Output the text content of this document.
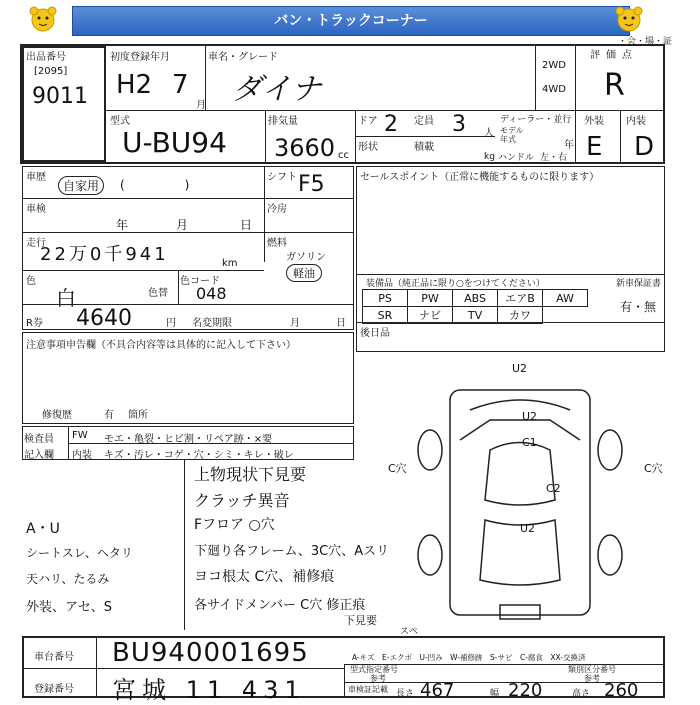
バン・トラックコーナー
・会・場・証
出品番号
[2095]
9011
初度登録年月
H2 7
月
車名・グレード
ダイナ
2WD
4WD
評価点
R
型式
U-BU94
排気量
3660 cc
ドア 2 定員 3 人
ディーラー・並行
モデル年式
年
形状	積載
kg ハンドル 左・右
外装 内装
E D
車歴
自家用	(　　　　　)
シフト F5
車検
年	月	日
冷房
走行
22万0千941	km
燃料
ガソリン
軽油
色
白	色替
色コード
048
R券 4640	円 名変期限	月	日
注意事項申告欄（不具合内容等は具体的に記入して下さい）
修復歴	有 箇所
セールスポイント（正常に機能するものに限ります）
装備品（純正品に限り○をつけてください）	新車保証書
有・無
PS	PW	ABS	エアB	AW
SR	ナビ	TV	カワ	
後日品
検査員
記入欄
FW モエ・亀裂・ヒビ割・リペア跡・×要
内装 キズ・汚レ・コゲ・穴・シミ・キレ・破レ
上物現状下見要
クラッチ異音
Fフロア ○穴
下廻り各フレーム、3C穴、Aスリ
ヨコ根太 C穴、補修痕
各サイドメンバー C穴 修正痕
下見要
A・U
シートスレ、ヘタリ
天ハリ、たるみ
外装、アセ、S
U2
U2
C1
C2
U2
C穴	C穴
スペ
車台番号 BU940001695
登録番号 宮城 11 431
型式指定番号
参考
類別区分番号
参考
車検証記載 長さ 467	幅 220	高さ 260
A-キズ　E-エクボ　U-凹み　W-補修跡　S-サビ　C-腐食　XX-交換済
